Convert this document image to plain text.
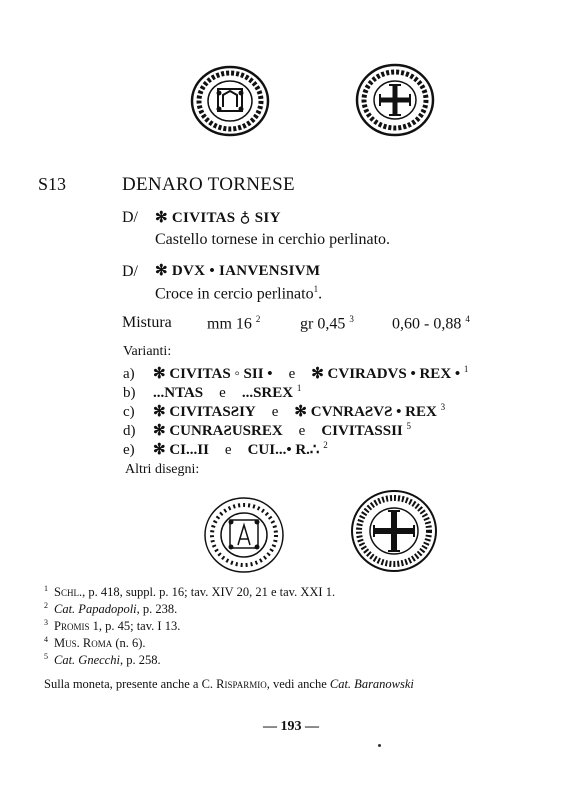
S13	DENARO TORNESE
D/ ✻ CIVITAS ♁ SIY
Castello tornese in cerchio perlinato.
D/ ✻ DVX • IANVENSIVM
Croce in cercio perlinato$^1$.
Mistura mm 16 $^2$ gr 0,45 $^3$ 0,60 - 0,88 $^4$
Varianti:
a) ✻ CIVITAS ◦ SII • e ✻ CVIRADVS • REX • $^1$
b) ...NTAS e ...SREX $^1$
c) ✻ CIVITASƧIY e ✻ CVNRAƧVƧ • REX $^3$
d) ✻ CUNRAƧUSREX e CIVITASSII $^5$
e) ✻ CI...II e CUI...• R.∴ $^2$
Altri disegni:
$^1$ Schl., p. 418, suppl. p. 16; tav. XIV 20, 21 e tav. XXI 1.
$^2$ Cat. Papadopoli, p. 238.
$^3$ Promis 1, p. 45; tav. I 13.
$^4$ Mus. Roma (n. 6).
$^5$ Cat. Gnecchi, p. 258.
Sulla moneta, presente anche a C. Risparmio, vedi anche Cat. Baranowski
— 193 —
